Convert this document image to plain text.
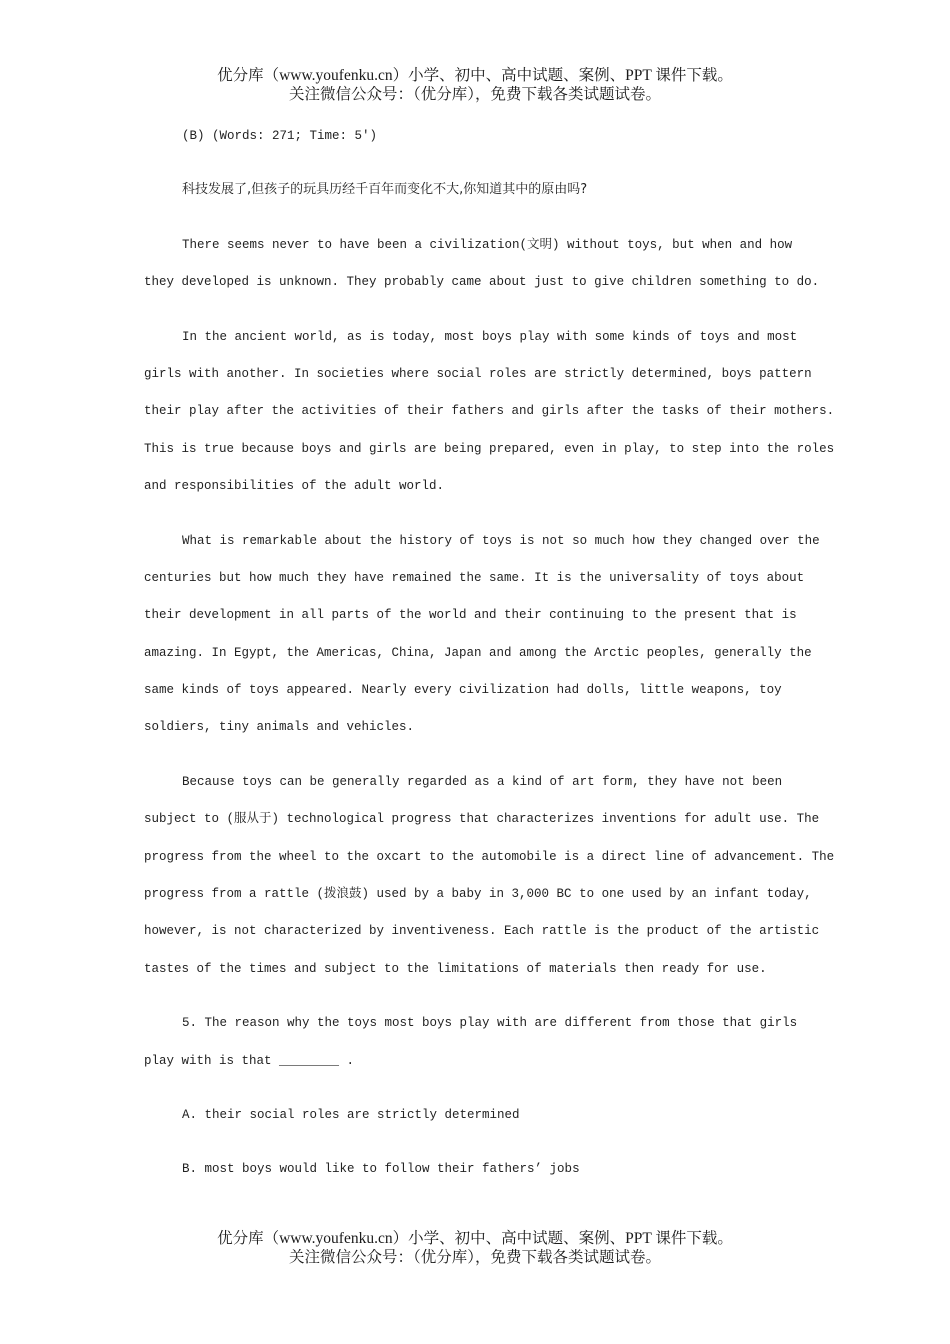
优分库（www.youfenku.cn）小学、初中、高中试题、案例、PPT 课件下载。
关注微信公众号：（优分库），免费下载各类试题试卷。
(B) (Words: 271; Time: 5')
科技发展了,但孩子的玩具历经千百年而变化不大,你知道其中的原由吗?
There seems never to have been a civilization(文明) without toys, but when and how
they developed is unknown. They probably came about just to give children something to do.
In the ancient world, as is today, most boys play with some kinds of toys and most
girls with another. In societies where social roles are strictly determined, boys pattern
their play after the activities of their fathers and girls after the tasks of their mothers.
This is true because boys and girls are being prepared, even in play, to step into the roles
and responsibilities of the adult world.
What is remarkable about the history of toys is not so much how they changed over the
centuries but how much they have remained the same. It is the universality of toys about
their development in all parts of the world and their continuing to the present that is
amazing. In Egypt, the Americas, China, Japan and among the Arctic peoples, generally the
same kinds of toys appeared. Nearly every civilization had dolls, little weapons, toy
soldiers, tiny animals and vehicles.
Because toys can be generally regarded as a kind of art form, they have not been
subject to (服从于) technological progress that characterizes inventions for adult use. The
progress from the wheel to the oxcart to the automobile is a direct line of advancement. The
progress from a rattle (拨浪鼓) used by a baby in 3,000 BC to one used by an infant today,
however, is not characterized by inventiveness. Each rattle is the product of the artistic
tastes of the times and subject to the limitations of materials then ready for use.
5. The reason why the toys most boys play with are different from those that girls
play with is that ________ .
A. their social roles are strictly determined
B. most boys would like to follow their fathers’ jobs
优分库（www.youfenku.cn）小学、初中、高中试题、案例、PPT 课件下载。
关注微信公众号：（优分库），免费下载各类试题试卷。
